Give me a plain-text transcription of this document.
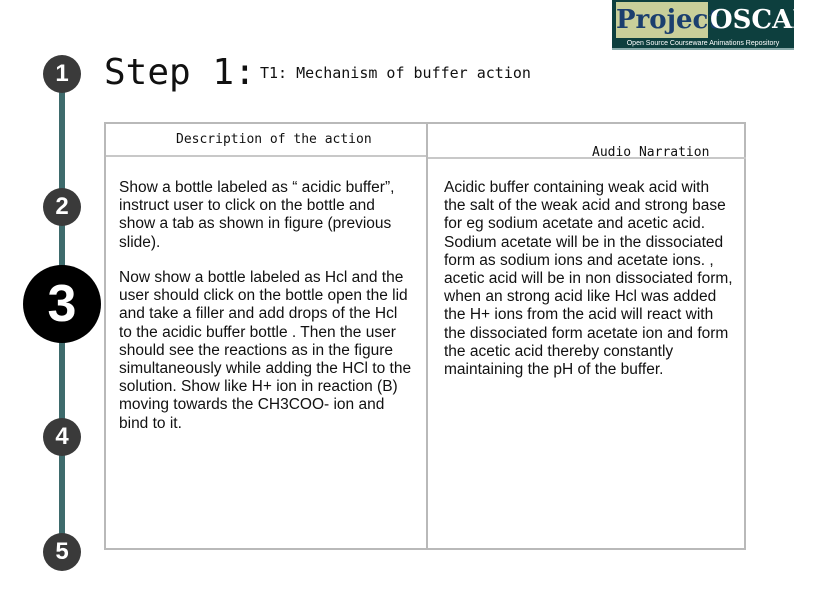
Project
OSCAR
Open Source Courseware Animations Repository
1
2
3
4
5
Step 1: T1: Mechanism of buffer action
Description of the action
Audio Narration
Show a bottle labeled as “ acidic buffer”, instruct user to click on the bottle and show a tab as shown in figure (previous slide).
Now show a bottle labeled as Hcl and the user should click on the bottle open the lid and take a filler and add drops of the Hcl to the acidic buffer bottle . Then the user should see the reactions as in the figure simultaneously while adding the HCl to the solution. Show like H+ ion in reaction (B) moving towards the CH3COO- ion and bind to it.
Acidic buffer containing weak acid with the salt of the weak acid and strong base for eg sodium acetate and acetic acid. Sodium acetate will be in the dissociated form as sodium ions and acetate ions. , acetic acid will be in non dissociated form, when an strong acid like Hcl was added the H+ ions from the acid will react with the dissociated form acetate ion and form the acetic acid thereby constantly maintaining the pH of the buffer.
